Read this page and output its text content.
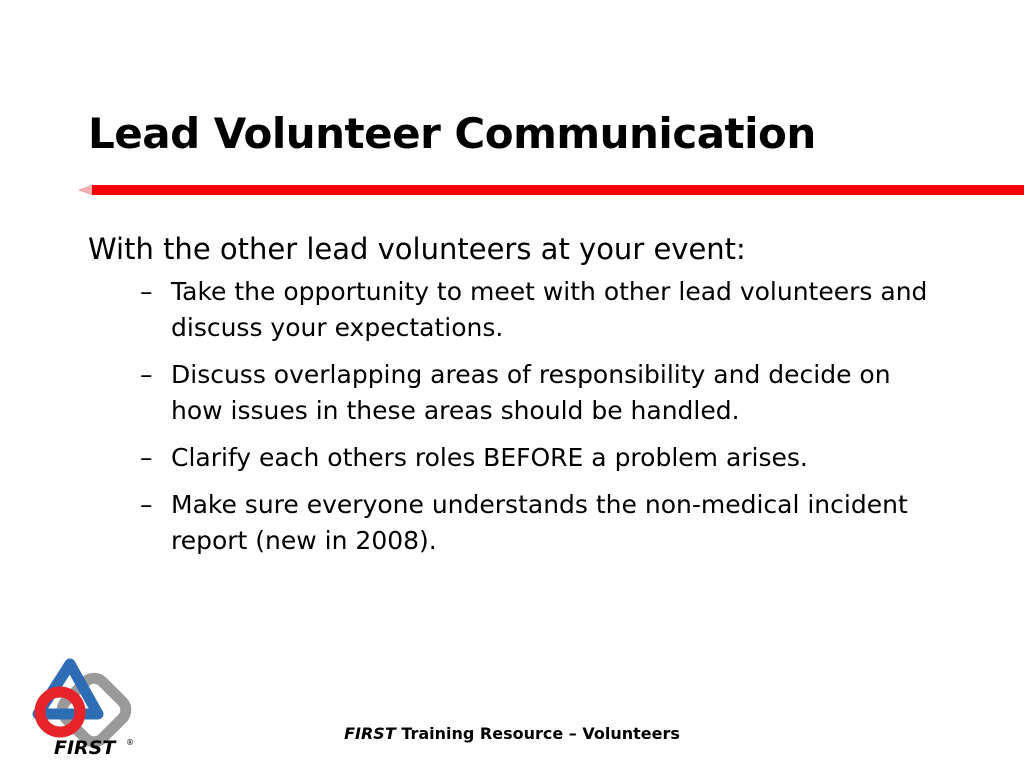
Lead Volunteer Communication

With the other lead volunteers at your event:

– Take the opportunity to meet with other lead volunteers and discuss your expectations.
– Discuss overlapping areas of responsibility and decide on how issues in these areas should be handled.
– Clarify each others roles BEFORE a problem arises.
– Make sure everyone understands the non-medical incident report (new in 2008).
FIRST ®	FIRST Training Resource – Volunteers
